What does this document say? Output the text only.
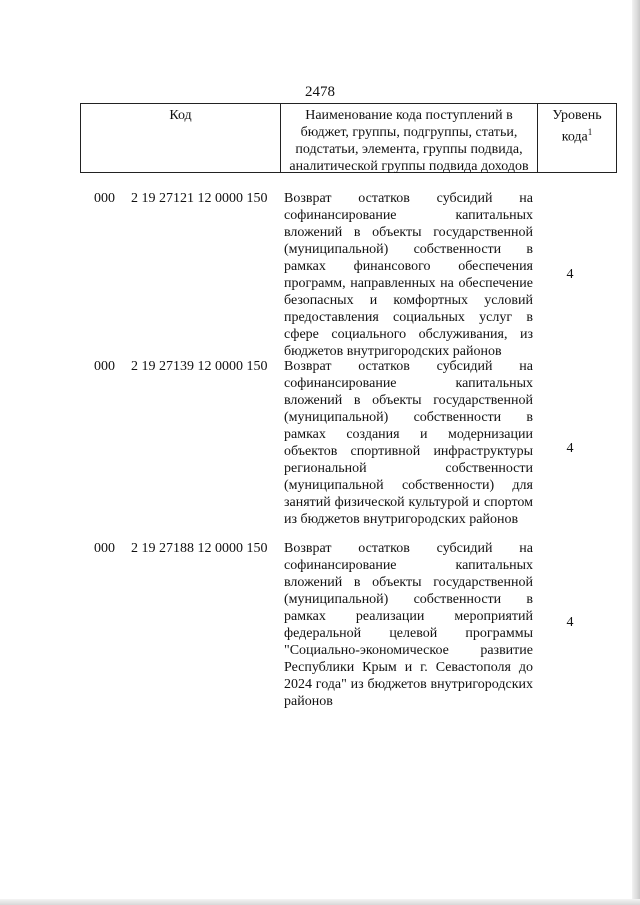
2478
Код	Наименование кода поступлений в бюджет, группы, подгруппы, статьи, подстатьи, элемента, группы подвида, аналитической группы подвида доходов
Уровень кода$^1$
000 2 19 27121 12 0000 150 Возврат остатков субсидий на софинансирование капитальных вложений в объекты государственной (муниципальной) собственности в рамках финансового обеспечения программ, направленных на обеспечение безопасных и комфортных условий предоставления социальных услуг в сфере социального обслуживания, из бюджетов внутригородских районов
4
000 2 19 27139 12 0000 150 Возврат остатков субсидий на софинансирование капитальных вложений в объекты государственной (муниципальной) собственности в рамках создания и модернизации объектов спортивной инфраструктуры региональной собственности (муниципальной собственности) для занятий физической культурой и спортом из бюджетов внутригородских районов
4
000 2 19 27188 12 0000 150 Возврат остатков субсидий на софинансирование капитальных вложений в объекты государственной (муниципальной) собственности в рамках реализации мероприятий федеральной целевой программы "Социально-экономическое развитие Республики Крым и г. Севастополя до 2024 года" из бюджетов внутригородских районов
4
